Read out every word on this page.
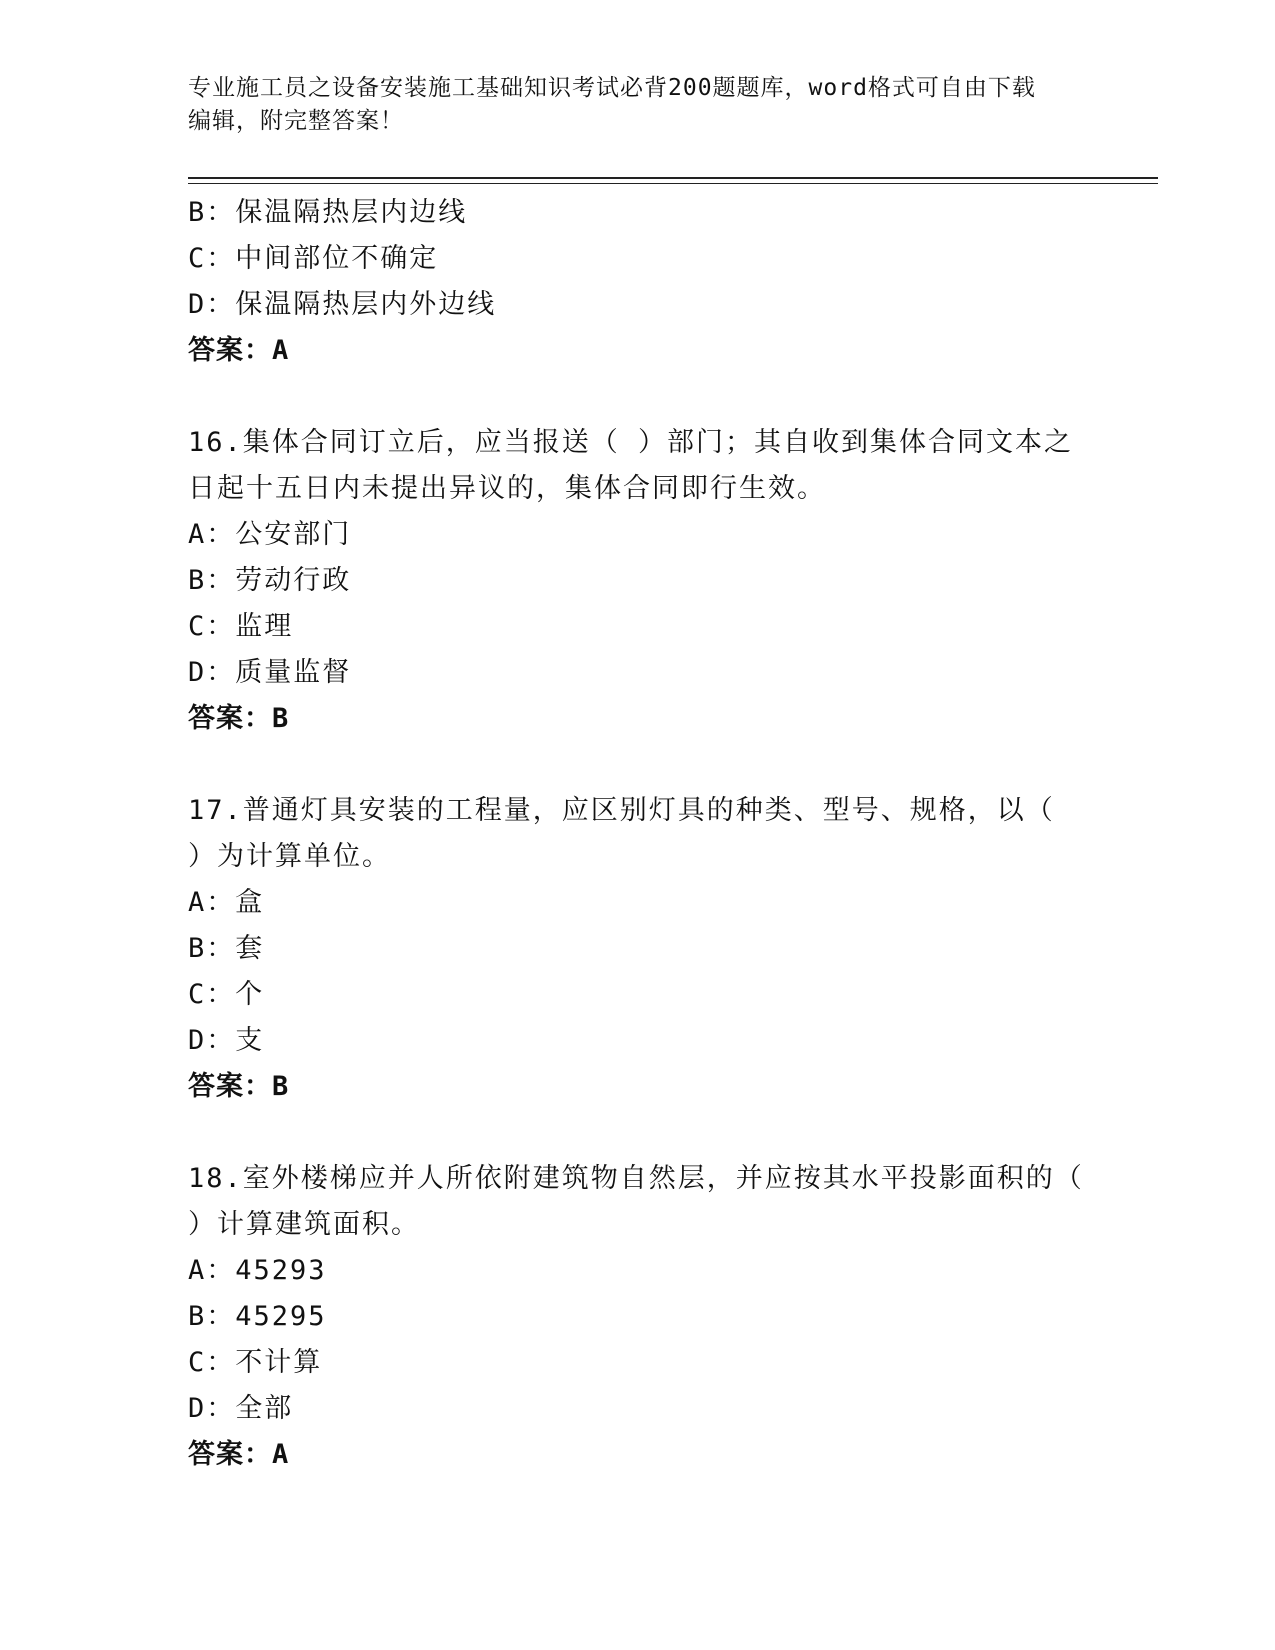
专业施工员之设备安装施工基础知识考试必背200题题库，word格式可自由下载
编辑，附完整答案！
B：保温隔热层内边线
C：中间部位不确定
D：保温隔热层内外边线
答案：A
16.集体合同订立后，应当报送（ ）部门；其自收到集体合同文本之
日起十五日内未提出异议的，集体合同即行生效。
A：公安部门
B：劳动行政
C：监理
D：质量监督
答案：B
17.普通灯具安装的工程量，应区别灯具的种类、型号、规格，以（
）为计算单位。
A：盒
B：套
C：个
D：支
答案：B
18.室外楼梯应并人所依附建筑物自然层，并应按其水平投影面积的（
）计算建筑面积。
A：45293
B：45295
C：不计算
D：全部
答案：A
